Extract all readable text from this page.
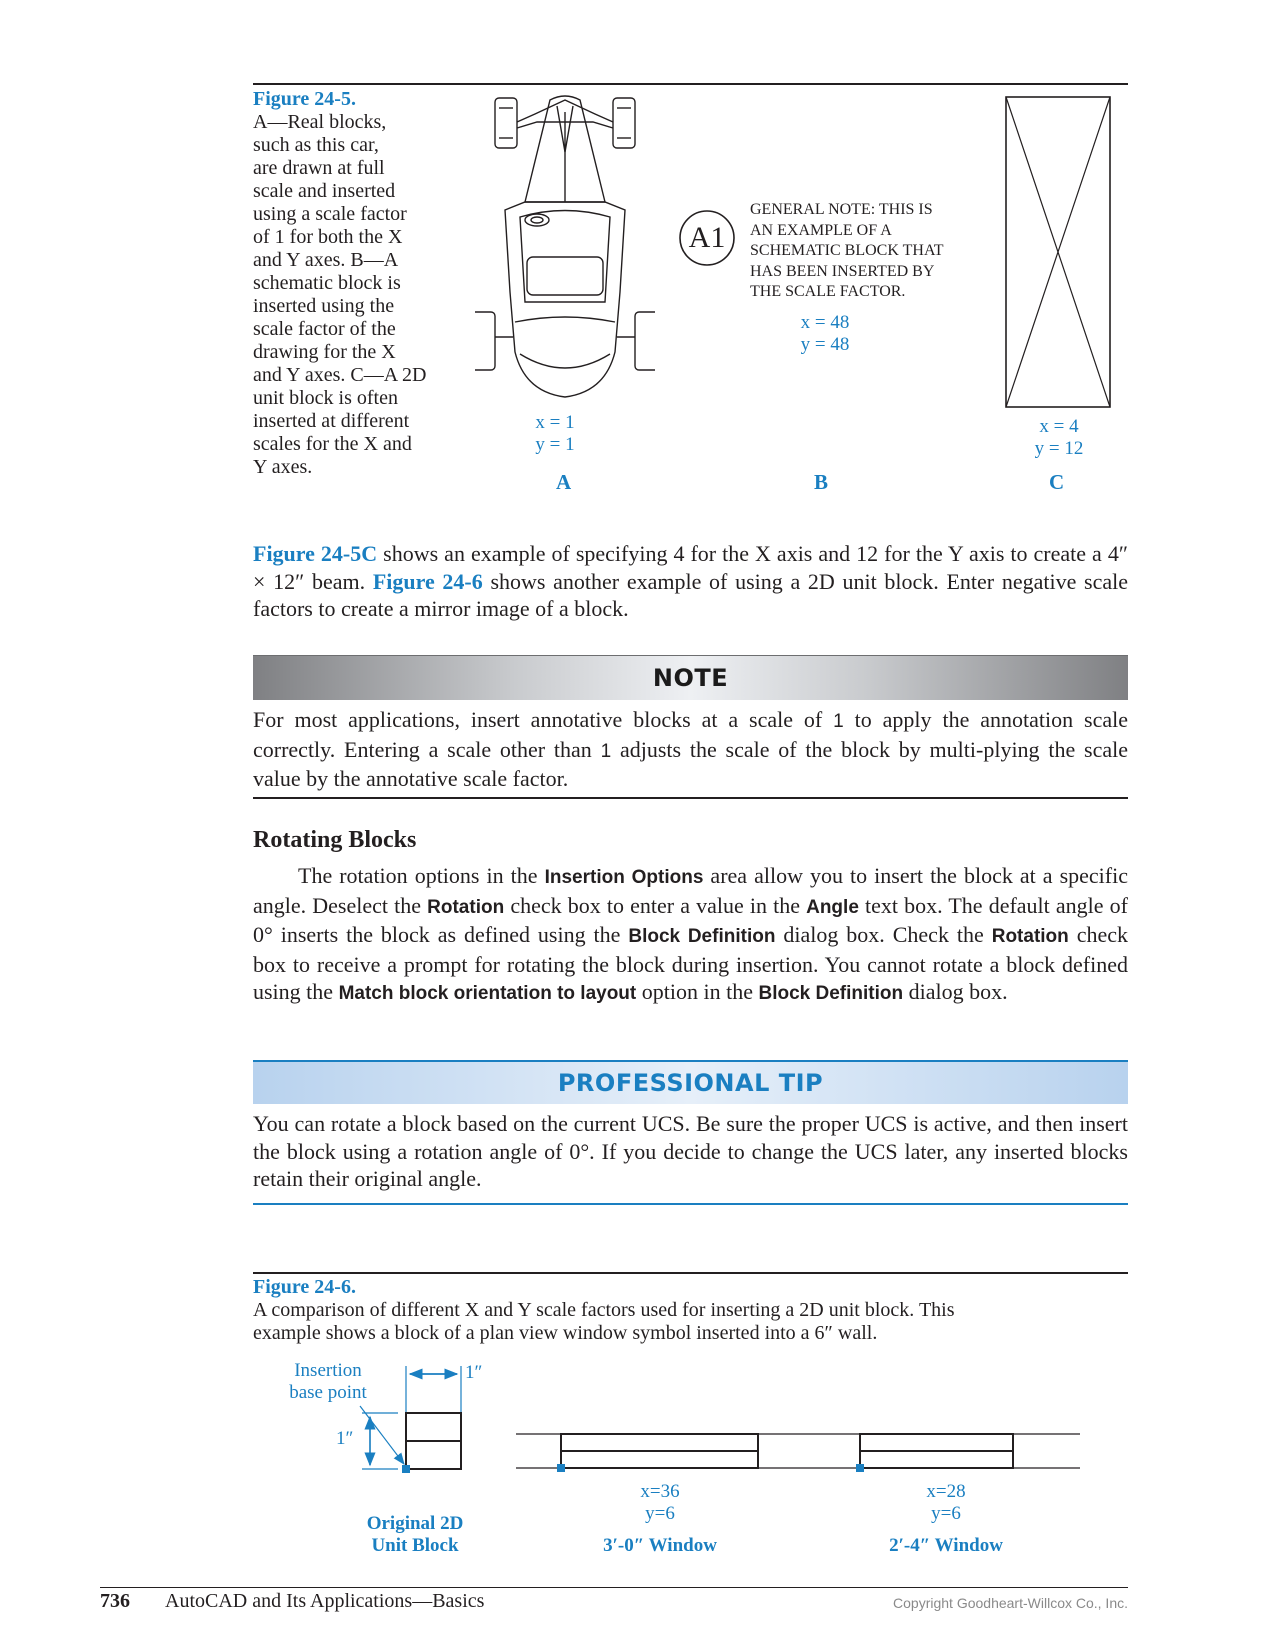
Figure 24-5.
A—Real blocks,
such as this car,
are drawn at full
scale and inserted
using a scale factor
of 1 for both the X
and Y axes. B—A
schematic block is
inserted using the
scale factor of the
drawing for the X
and Y axes. C—A 2D
unit block is often
inserted at different
scales for the X and
Y axes.
x = 1
y = 1
A
A1
GENERAL NOTE: THIS IS
AN EXAMPLE OF A
SCHEMATIC BLOCK THAT
HAS BEEN INSERTED BY
THE SCALE FACTOR.
x = 48
y = 48
B
x = 4
y = 12
C
Figure 24-5C shows an example of specifying 4 for the X axis and 12 for the Y axis to create a 4″ × 12″ beam. Figure 24-6 shows another example of using a 2D unit block. Enter negative scale factors to create a mirror image of a block.
NOTE
For most applications, insert annotative blocks at a scale of 1 to apply the annotation scale correctly. Entering a scale other than 1 adjusts the scale of the block by multi-plying the scale value by the annotative scale factor.
Rotating Blocks
The rotation options in the Insertion Options area allow you to insert the block at a specific angle. Deselect the Rotation check box to enter a value in the Angle text box. The default angle of 0° inserts the block as defined using the Block Definition dialog box. Check the Rotation check box to receive a prompt for rotating the block during insertion. You cannot rotate a block defined using the Match block orientation to layout option in the Block Definition dialog box.
PROFESSIONAL TIP
You can rotate a block based on the current UCS. Be sure the proper UCS is active, and then insert the block using a rotation angle of 0°. If you decide to change the UCS later, any inserted blocks retain their original angle.
Figure 24-6.
A comparison of different X and Y scale factors used for inserting a 2D unit block. This
example shows a block of a plan view window symbol inserted into a 6″ wall.
Insertion
base point
1″
1″
x=36
y=6
x=28
y=6
Original 2D
Unit Block	3′-0″ Window	2′-4″ Window
736 AutoCAD and Its Applications—Basics	Copyright Goodheart-Willcox Co., Inc.
